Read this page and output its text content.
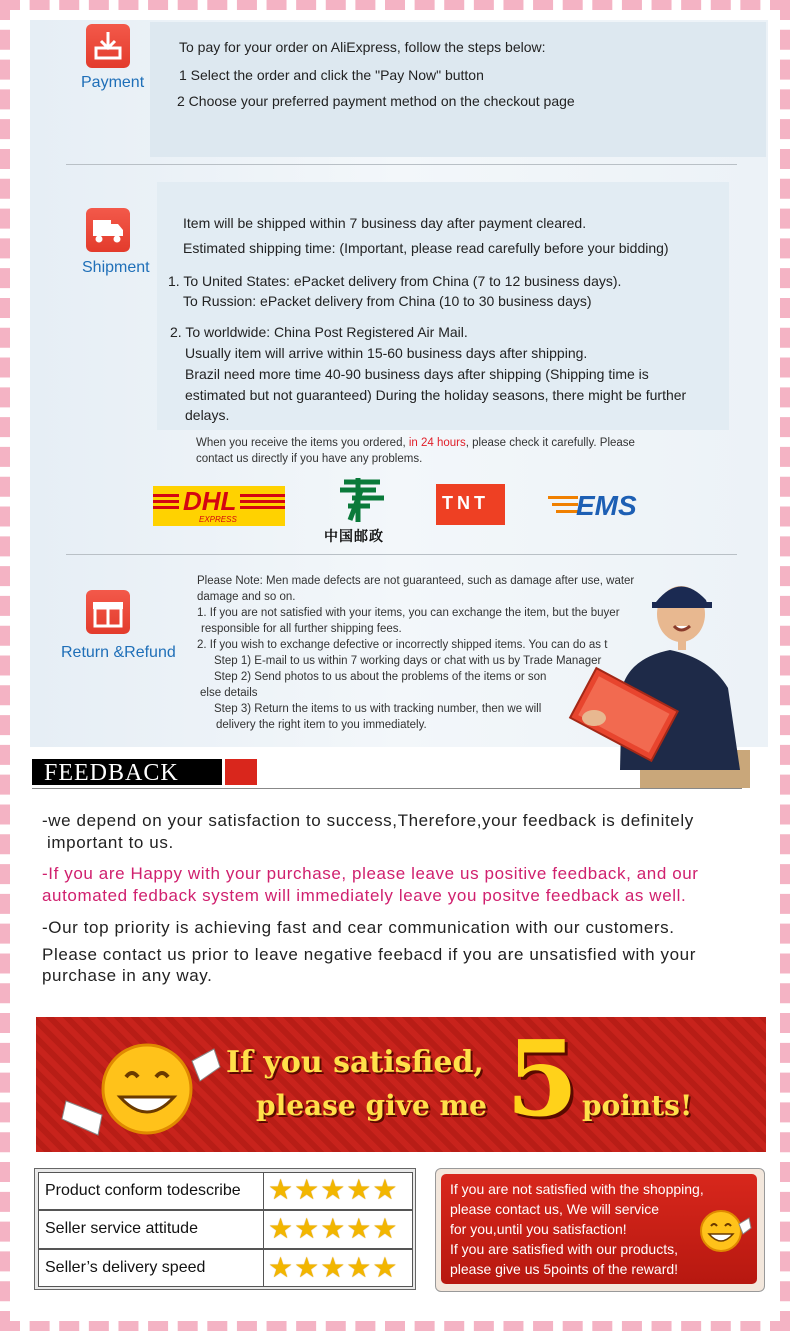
Payment
To pay for your order on AliExpress, follow the steps below:
1 Select the order and click the "Pay Now" button
2 Choose your preferred payment method on the checkout page
Shipment
Item will be shipped within 7 business day after payment cleared.
Estimated shipping time: (Important, please read carefully before your bidding)
1. To United States: ePacket delivery from China (7 to 12 business days).
To Russion: ePacket delivery from China (10 to 30 business days)
2. To worldwide: China Post Registered Air Mail.
Usually item will arrive within 15-60 business days after shipping.
Brazil need more time 40-90 business days after shipping (Shipping time is
estimated but not guaranteed) During the holiday seasons, there might be further
delays.
When you receive the items you ordered, in 24 hours, please check it carefully. Please
contact us directly if you have any problems.
DHL
EXPRESS
中国邮政
TNT	EMS
Return &Refund
Please Note: Men made defects are not guaranteed, such as damage after use, water
damage and so on.
1. If you are not satisfied with your items, you can exchange the item, but the buyer
responsible for all further shipping fees.
2. If you wish to exchange defective or incorrectly shipped items. You can do as t
Step 1) E-mail to us within 7 working days or chat with us by Trade Manager
Step 2) Send photos to us about the problems of the items or son
else details
Step 3) Return the items to us with tracking number, then we will
delivery the right item to you immediately.
FEEDBACK
-we depend on your satisfaction to success,Therefore,your feedback is definitely
important to us.
-If you are Happy with your purchase, please leave us positive feedback, and our
automated fedback system will immediately leave you positve feedback as well.
-Our top priority is achieving fast and cear communication with our customers.
Please contact us prior to leave negative feebacd if you are unsatisfied with your
purchase in any way.
If you satisfied,
please give me 5 points!
Product conform todescribe ★★★★★
Seller service attitude	★★★★★
Seller’s delivery speed	★★★★★
If you are not satisfied with the shopping,
please contact us, We will service
for you,until you satisfaction!
If you are satisfied with our products,
please give us 5points of the reward!
